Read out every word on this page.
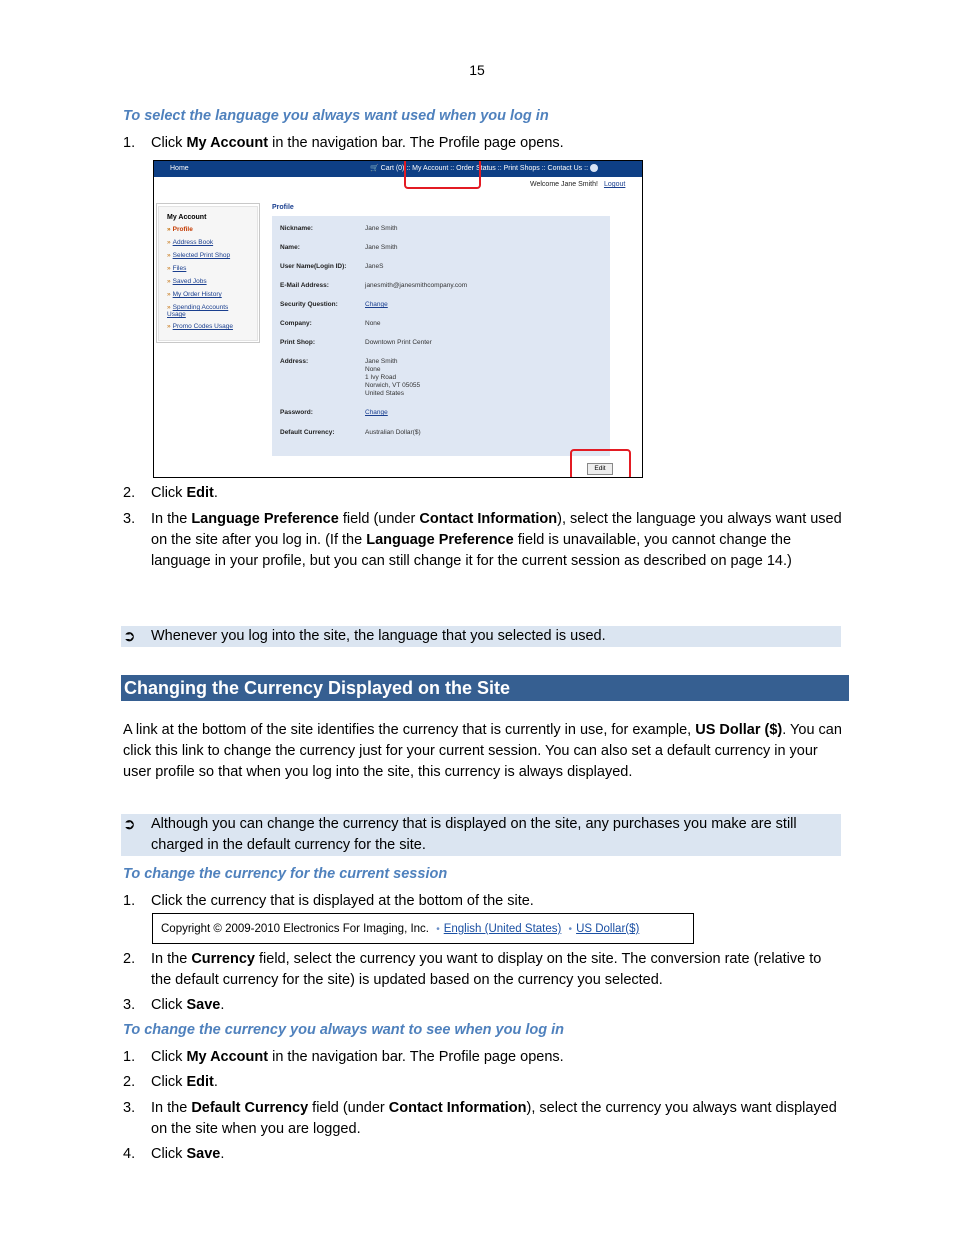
15
To select the language you always want used when you log in
1. Click My Account in the navigation bar. The Profile page opens.
Home	🛒 Cart (0) :: My Account :: Order Status :: Print Shops :: Contact Us ::
Welcome Jane Smith! Logout
My Account
» Profile
» Address Book
» Selected Print Shop
» Files
» Saved Jobs
» My Order History
» Spending Accounts Usage
» Promo Codes Usage
Profile
Nickname:	Jane Smith
Name:	Jane Smith
User Name(Login ID):	JaneS
E-Mail Address:	janesmith@janesmithcompany.com
Security Question:	Change
Company:	None
Print Shop:	Downtown Print Center
Address:	Jane Smith
None
1 Ivy Road
Norwich, VT 05055
United States
Password:	Change
Default Currency:	Australian Dollar($)
Edit
2. Click Edit.
3. In the Language Preference field (under Contact Information), select the language you always want used on the site after you log in. (If the Language Preference field is unavailable, you cannot change the language in your profile, but you can still change it for the current session as described on page 14.)
➲ Whenever you log into the site, the language that you selected is used.
Changing the Currency Displayed on the Site
A link at the bottom of the site identifies the currency that is currently in use, for example, US Dollar ($). You can click this link to change the currency just for your current session. You can also set a default currency in your user profile so that when you log into the site, this currency is always displayed.
➲ Although you can change the currency that is displayed on the site, any purchases you make are still charged in the default currency for the site.
To change the currency for the current session
1. Click the currency that is displayed at the bottom of the site.
Copyright © 2009-2010 Electronics For Imaging, Inc. • English (United States) • US Dollar($)
2. In the Currency field, select the currency you want to display on the site. The conversion rate (relative to the default currency for the site) is updated based on the currency you selected.
3. Click Save.
To change the currency you always want to see when you log in
1. Click My Account in the navigation bar. The Profile page opens.
2. Click Edit.
3. In the Default Currency field (under Contact Information), select the currency you always want displayed on the site when you are logged.
4. Click Save.
